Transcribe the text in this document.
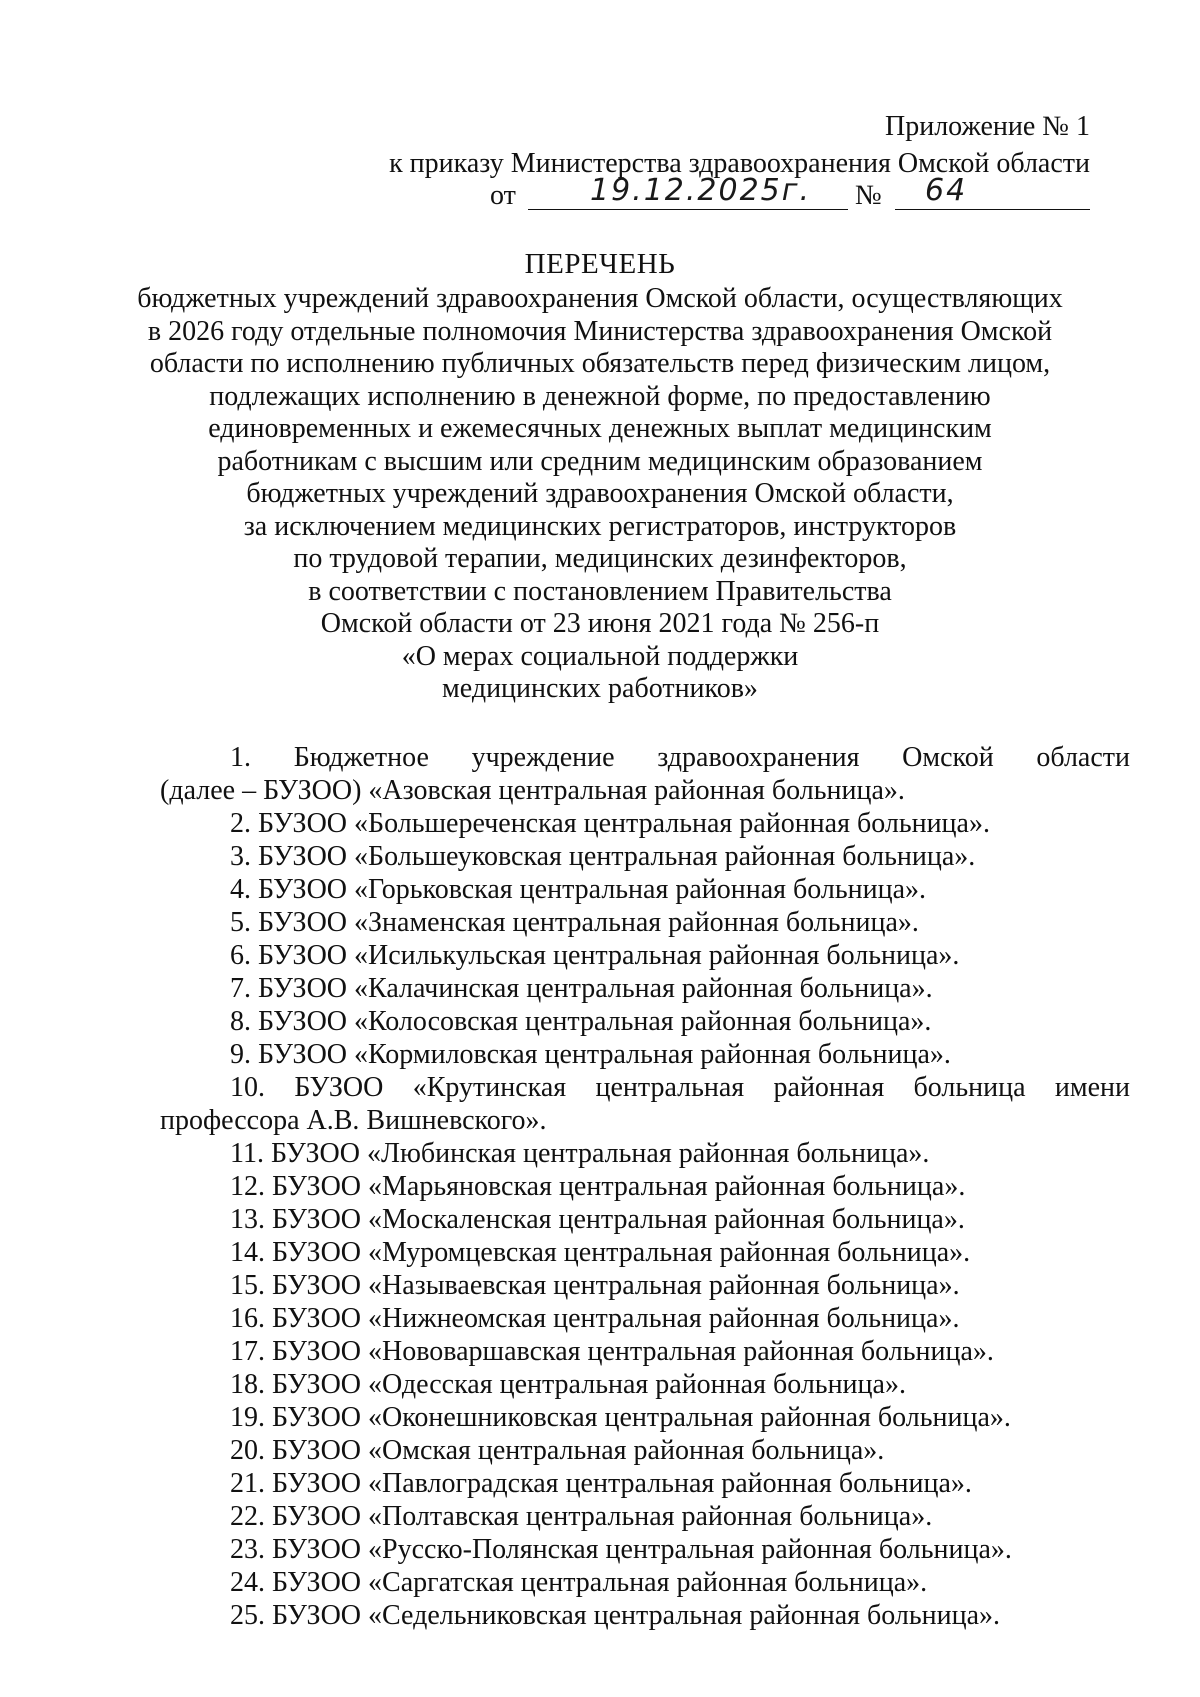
Приложение № 1
к приказу Министерства здравоохранения Омской области
от 19.12.2025г. № 64
ПЕРЕЧЕНЬ
бюджетных учреждений здравоохранения Омской области, осуществляющих
в 2026 году отдельные полномочия Министерства здравоохранения Омской
области по исполнению публичных обязательств перед физическим лицом,
подлежащих исполнению в денежной форме, по предоставлению
единовременных и ежемесячных денежных выплат медицинским
работникам с высшим или средним медицинским образованием
бюджетных учреждений здравоохранения Омской области,
за исключением медицинских регистраторов, инструкторов
по трудовой терапии, медицинских дезинфекторов,
в соответствии с постановлением Правительства
Омской области от 23 июня 2021 года № 256-п
«О мерах социальной поддержки
медицинских работников»
1. Бюджетное учреждение здравоохранения Омской области
(далее – БУЗОО) «Азовская центральная районная больница».
2. БУЗОО «Большереченская центральная районная больница».
3. БУЗОО «Большеуковская центральная районная больница».
4. БУЗОО «Горьковская центральная районная больница».
5. БУЗОО «Знаменская центральная районная больница».
6. БУЗОО «Исилькульская центральная районная больница».
7. БУЗОО «Калачинская центральная районная больница».
8. БУЗОО «Колосовская центральная районная больница».
9. БУЗОО «Кормиловская центральная районная больница».
10. БУЗОО «Крутинская центральная районная больница имени
профессора А.В. Вишневского».
11. БУЗОО «Любинская центральная районная больница».
12. БУЗОО «Марьяновская центральная районная больница».
13. БУЗОО «Москаленская центральная районная больница».
14. БУЗОО «Муромцевская центральная районная больница».
15. БУЗОО «Называевская центральная районная больница».
16. БУЗОО «Нижнеомская центральная районная больница».
17. БУЗОО «Нововаршавская центральная районная больница».
18. БУЗОО «Одесская центральная районная больница».
19. БУЗОО «Оконешниковская центральная районная больница».
20. БУЗОО «Омская центральная районная больница».
21. БУЗОО «Павлоградская центральная районная больница».
22. БУЗОО «Полтавская центральная районная больница».
23. БУЗОО «Русско-Полянская центральная районная больница».
24. БУЗОО «Саргатская центральная районная больница».
25. БУЗОО «Седельниковская центральная районная больница».
